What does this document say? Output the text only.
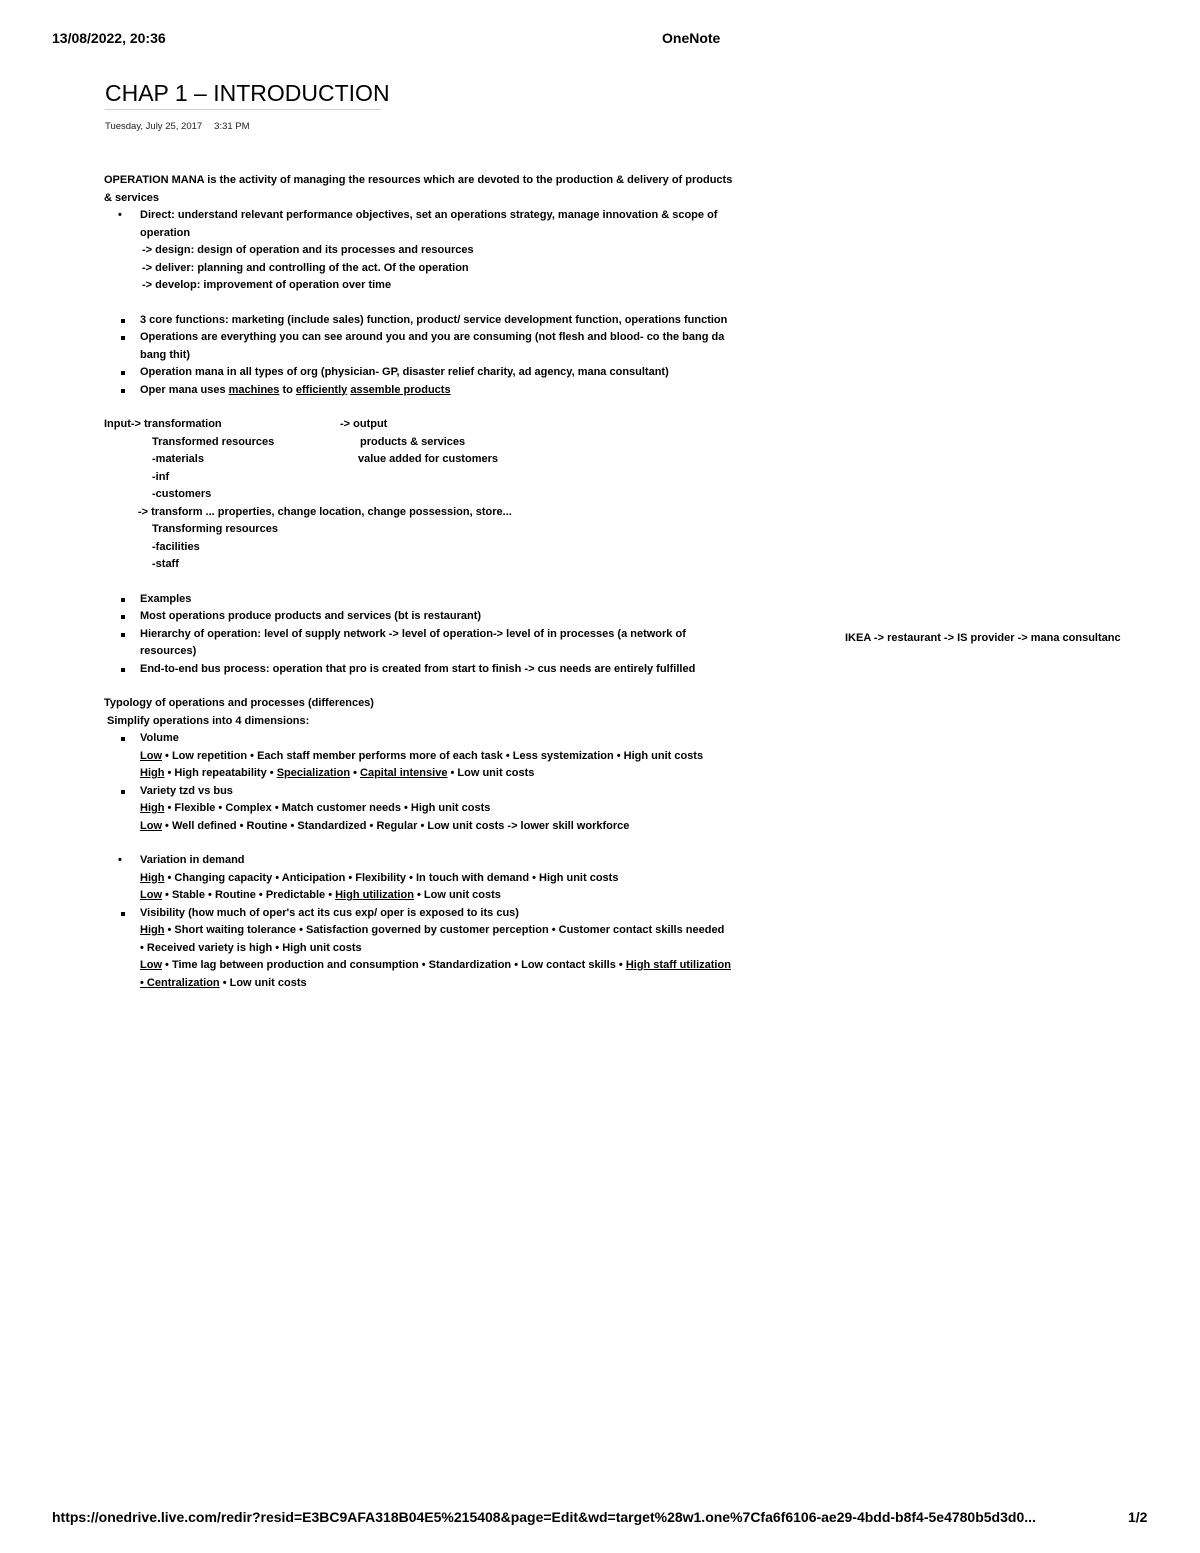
13/08/2022, 20:36	OneNote
CHAP 1 – INTRODUCTION
Tuesday, July 25, 2017 3:31 PM
OPERATION MANA is the activity of managing the resources which are devoted to the production & delivery of products
& services
• Direct: understand relevant performance objectives, set an operations strategy, manage innovation & scope of
operation
-> design: design of operation and its processes and resources
-> deliver: planning and controlling of the act. Of the operation
-> develop: improvement of operation over time
3 core functions: marketing (include sales) function, product/ service development function, operations function
Operations are everything you can see around you and you are consuming (not flesh and blood- co the bang da
bang thit)
Operation mana in all types of org (physician- GP, disaster relief charity, ad agency, mana consultant)
Oper mana uses machines to efficiently assemble products
Input-> transformation	-> output
Transformed resources	products & services
-materials	value added for customers
-inf
-customers
-> transform ... properties, change location, change possession, store...
Transforming resources
-facilities
-staff
Examples
Most operations produce products and services (bt is restaurant)
Hierarchy of operation: level of supply network -> level of operation-> level of in processes (a network of
resources)
End-to-end bus process: operation that pro is created from start to finish -> cus needs are entirely fulfilled
Typology of operations and processes (differences)
Simplify operations into 4 dimensions:
Volume
Low • Low repetition • Each staff member performs more of each task • Less systemization • High unit costs
High • High repeatability • Specialization • Capital intensive • Low unit costs
Variety tzd vs bus
High • Flexible • Complex • Match customer needs • High unit costs
Low • Well defined • Routine • Standardized • Regular • Low unit costs -> lower skill workforce
• Variation in demand
High • Changing capacity • Anticipation • Flexibility • In touch with demand • High unit costs
Low • Stable • Routine • Predictable • High utilization • Low unit costs
Visibility (how much of oper's act its cus exp/ oper is exposed to its cus)
High • Short waiting tolerance • Satisfaction governed by customer perception • Customer contact skills needed
• Received variety is high • High unit costs
Low • Time lag between production and consumption • Standardization • Low contact skills • High staff utilization
• Centralization • Low unit costs
IKEA -> restaurant -> IS provider -> mana consultanc
https://onedrive.live.com/redir?resid=E3BC9AFA318B04E5%215408&page=Edit&wd=target%28w1.one%7Cfa6f6106-ae29-4bdd-b8f4-5e4780b5d3d0...	1/2
